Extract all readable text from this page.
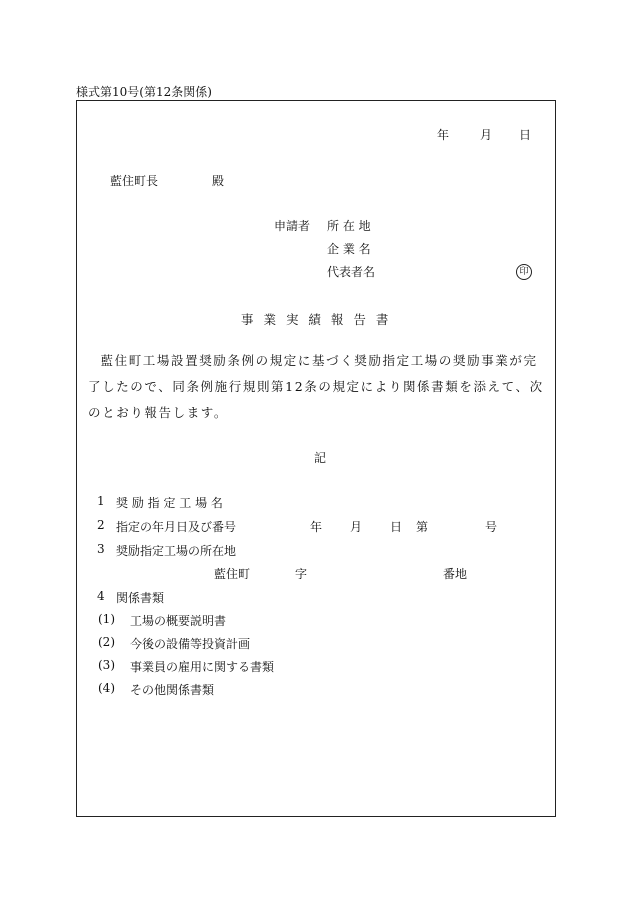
様式第10号(第12条関係)
年	月 日
藍住町長	殿
申請者 所 在 地
企 業 名
代表者名	印
事 業 実 績 報 告 書

藍住町工場設置奨励条例の規定に基づく奨励指定工場の奨励事業が完了したので、同条例施行規則第12条の規定により関係書類を添えて、次のとおり報告します。

記
1 奨 励 指 定 工 場 名
2 指定の年月日及び番号	年 月 日 第	号
3 奨励指定工場の所在地
藍住町	字	番地
4 関係書類
(1) 工場の概要説明書
(2) 今後の設備等投資計画
(3) 事業員の雇用に関する書類
(4) その他関係書類
